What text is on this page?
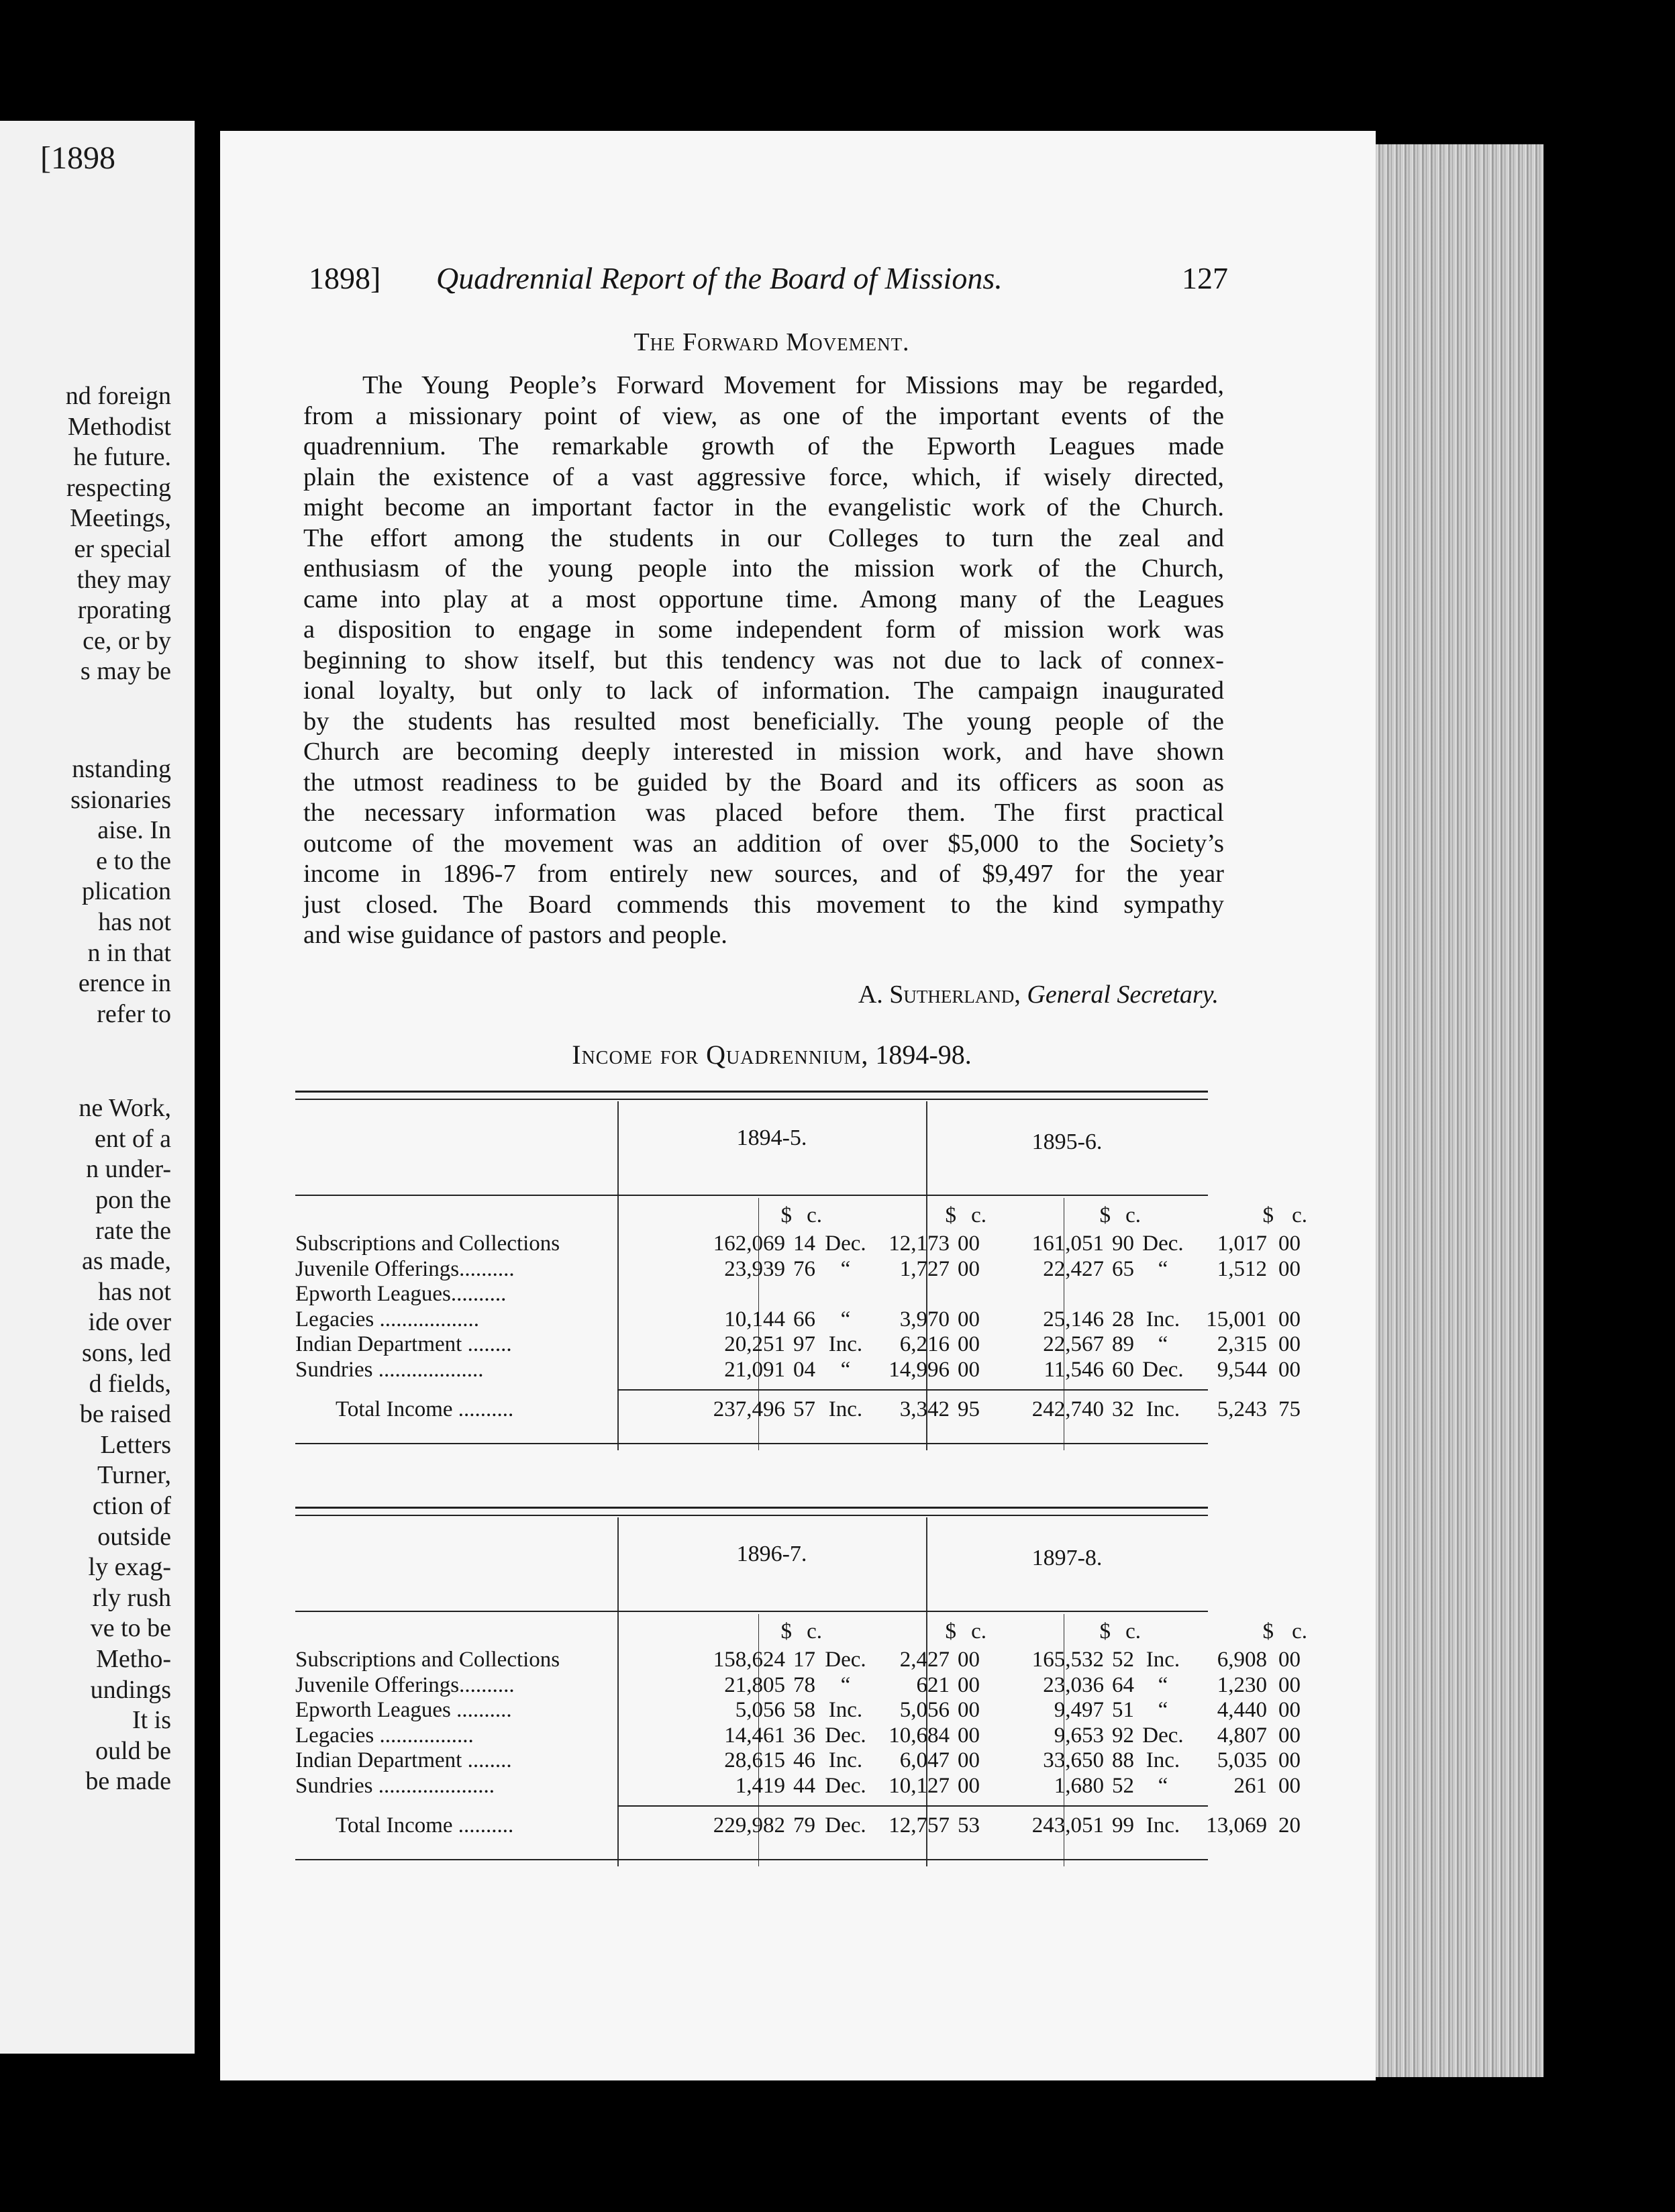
[1898
nd foreign
Methodist
he future.
respecting
Meetings,
er special
they may
rporating
ce, or by
s may be
nstanding
ssionaries
aise. In
e to the
plication
has not
n in that
erence in
refer to
ne Work,
ent of a
n under-
pon the
rate the
as made,
has not
ide over
sons, led
d fields,
be raised
Letters
Turner,
ction of
outside
ly exag-
rly rush
ve to be
Metho-
undings
It is
ould be
be made
1898] Quadrennial Report of the Board of Missions.	127
The Forward Movement.
The Young People’s Forward Movement for Missions may be regarded,
from a missionary point of view, as one of the important events of the
quadrennium. The remarkable growth of the Epworth Leagues made
plain the existence of a vast aggressive force, which, if wisely directed,
might become an important factor in the evangelistic work of the Church.
The effort among the students in our Colleges to turn the zeal and
enthusiasm of the young people into the mission work of the Church,
came into play at a most opportune time. Among many of the Leagues
a disposition to engage in some independent form of mission work was
beginning to show itself, but this tendency was not due to lack of connex-
ional loyalty, but only to lack of information. The campaign inaugurated
by the students has resulted most beneficially. The young people of the
Church are becoming deeply interested in mission work, and have shown
the utmost readiness to be guided by the Board and its officers as soon as
the necessary information was placed before them. The first practical
outcome of the movement was an addition of over $5,000 to the Society’s
income in 1896-7 from entirely new sources, and of $9,497 for the year
just closed. The Board commends this movement to the kind sympathy
and wise guidance of pastors and people.
A. Sutherland, General Secretary.
Income for Quadrennium, 1894-98.
1894-5.	1895-6.
$ c.	$ c.	$ c.	$ c.
Subscriptions and Collections	162,069 14 Dec.	12,173 00	161,051 90 Dec.	1,017 00
Juvenile Offerings..........	23,939 76	“	1,727 00	22,427 65	“	1,512 00
Epworth Leagues..........
Legacies ..................	10,144 66	“	3,970 00	25,146 28 Inc.	15,001 00
Indian Department ........	20,251 97 Inc.	6,216 00	22,567 89	“	2,315 00
Sundries ...................	21,091 04	“	14,996 00	11,546 60 Dec.	9,544 00
Total Income ..........	237,496 57 Inc.	3,342 95	242,740 32 Inc.	5,243 75
1896-7.	1897-8.
$ c.	$ c.	$ c.	$ c.
Subscriptions and Collections	158,624 17 Dec.	2,427 00	165,532 52 Inc.	6,908 00
Juvenile Offerings..........	21,805 78	“	621 00	23,036 64	“	1,230 00
Epworth Leagues ..........	5,056 58 Inc.	5,056 00	9,497 51	“	4,440 00
Legacies .................	14,461 36 Dec.	10,684 00	9,653 92 Dec.	4,807 00
Indian Department ........	28,615 46 Inc.	6,047 00	33,650 88 Inc.	5,035 00
Sundries .....................	1,419 44 Dec.	10,127 00	1,680 52	“	261 00
Total Income ..........	229,982 79 Dec.	12,757 53	243,051 99 Inc.	13,069 20
